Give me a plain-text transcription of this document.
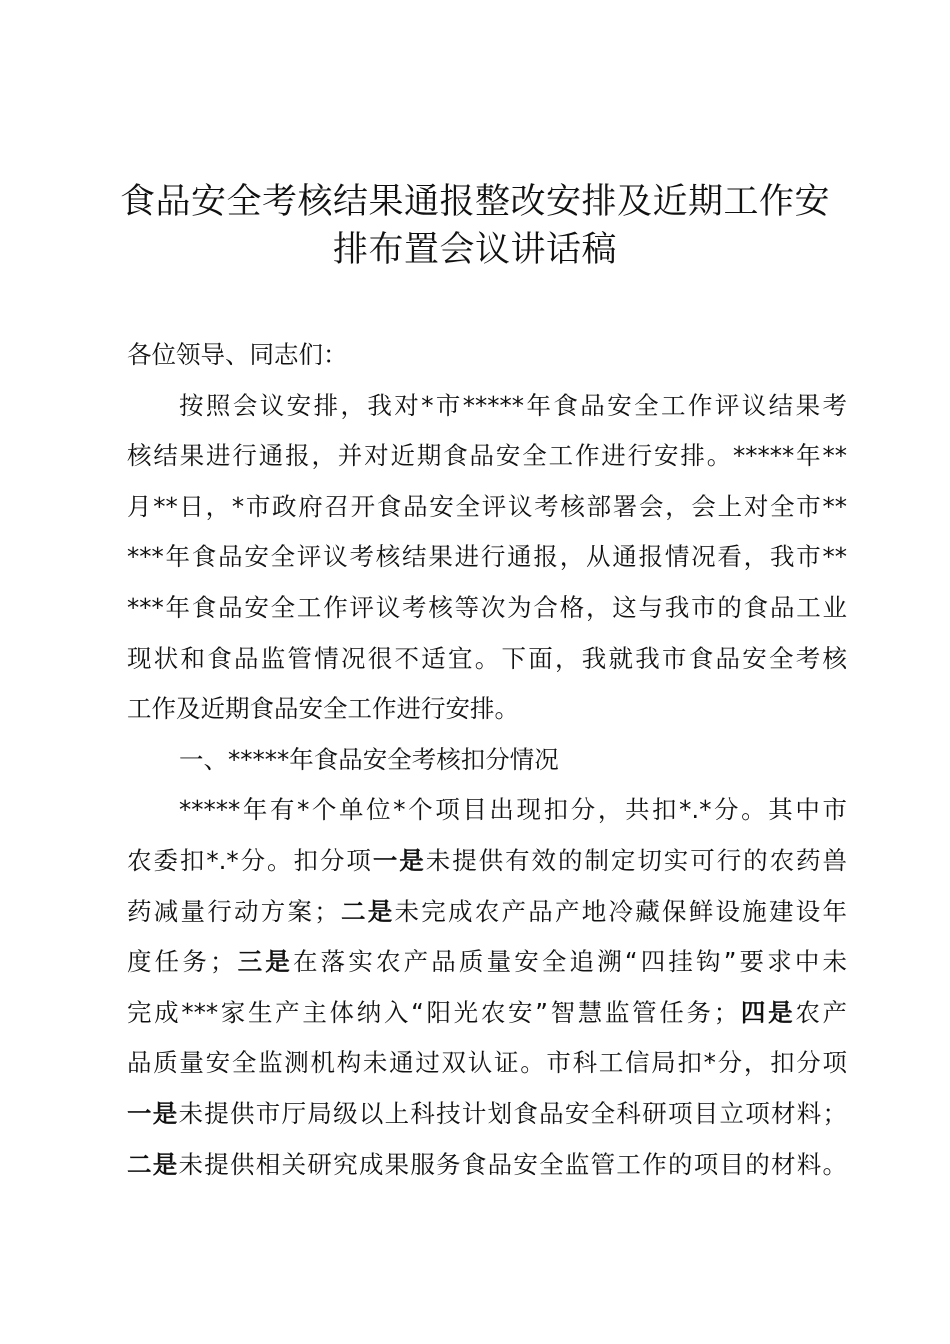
食品安全考核结果通报整改安排及近期工作安
排布置会议讲话稿
各位领导、同志们：
按照会议安排，我对*市*****年食品安全工作评议结果考
核结果进行通报，并对近期食品安全工作进行安排。*****年**
月**日，*市政府召开食品安全评议考核部署会，会上对全市**
***年食品安全评议考核结果进行通报，从通报情况看，我市**
***年食品安全工作评议考核等次为合格，这与我市的食品工业
现状和食品监管情况很不适宜。下面，我就我市食品安全考核
工作及近期食品安全工作进行安排。
一、*****年食品安全考核扣分情况
*****年有*个单位*个项目出现扣分，共扣*.*分。其中市
农委扣*.*分。扣分项一是未提供有效的制定切实可行的农药兽
药减量行动方案；二是未完成农产品产地冷藏保鲜设施建设年
度任务；三是在落实农产品质量安全追溯“四挂钩”要求中未
完成***家生产主体纳入“阳光农安”智慧监管任务；四是农产
品质量安全监测机构未通过双认证。市科工信局扣*分，扣分项
一是未提供市厅局级以上科技计划食品安全科研项目立项材料；
二是未提供相关研究成果服务食品安全监管工作的项目的材料。
